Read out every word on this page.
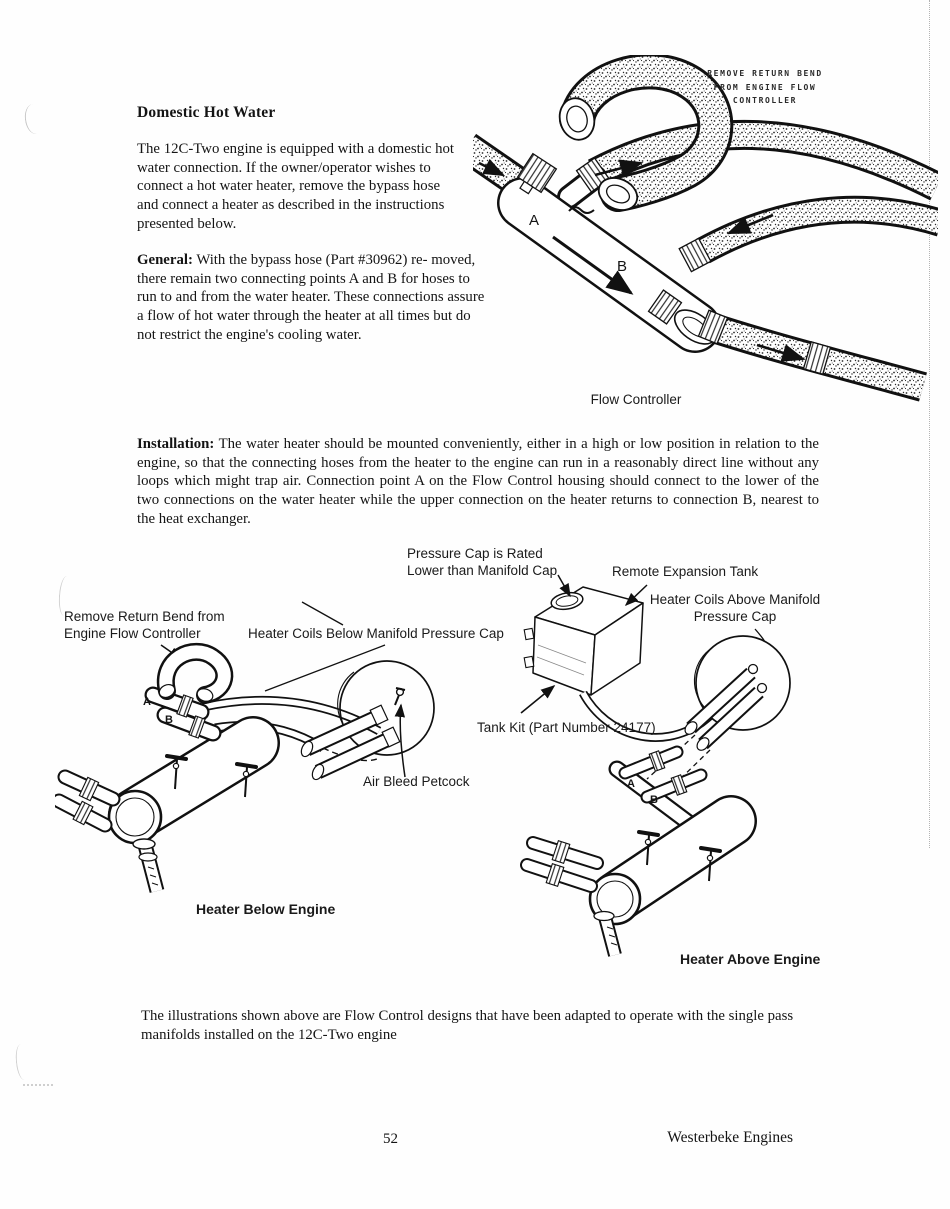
Domestic Hot Water
The 12C-Two engine is equipped with a domestic hot water connection. If the owner/operator wishes to connect a hot water heater, remove the bypass hose and connect a heater as described in the instructions presented below.
General: With the bypass hose (Part #30962) re- moved, there remain two connecting points A and B for hoses to run to and from the water heater. These connections assure a flow of hot water through the heater at all times but do not restrict the engine's cooling water.
Installation: The water heater should be mounted conveniently, either in a high or low position in relation to the engine, so that the connecting hoses from the heater to the engine can run in a reasonably direct line without any loops which might trap air. Connection point A on the Flow Control housing should connect to the lower of the two connections on the water heater while the upper connection on the heater returns to connection B, nearest to the heat exchanger.
The illustrations shown above are Flow Control designs that have been adapted to operate with the single pass manifolds installed on the 12C-Two engine
A
B
REMOVE RETURN BEND
FROM ENGINE FLOW
CONTROLLER
Flow Controller
A
B
A
B
Pressure Cap is Rated
Lower than Manifold Cap	Remote Expansion Tank
Heater Coils Above Manifold
Pressure Cap
Remove Return Bend from
Engine Flow Controller	Heater Coils Below Manifold Pressure Cap
Tank Kit (Part Number 24177)
Air Bleed Petcock
Heater Below Engine
Heater Above Engine
52	Westerbeke Engines
